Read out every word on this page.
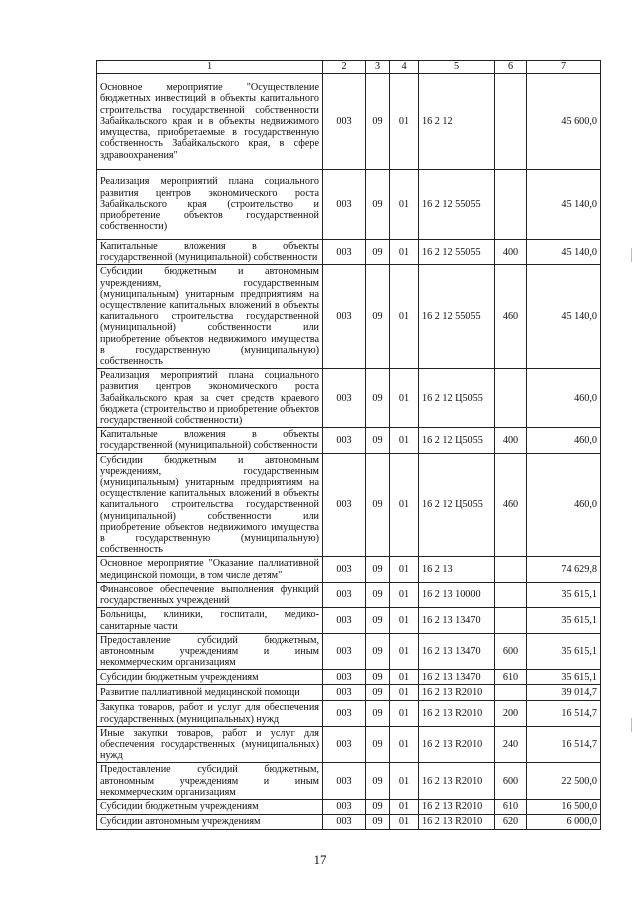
1	2	3	4	5	6	7
Основное мероприятие "Осуществление бюджетных инвестиций в объекты капитального строительства государственной собственности Забайкальского края и в объекты недвижимого имущества, приобретаемые в государственную собственность Забайкальского края, в сфере здравоохранения"	003	09	01	16 2 12		45 600,0
Реализация мероприятий плана социального развития центров экономического роста Забайкальского края (строительство и приобретение объектов государственной собственности)	003	09	01	16 2 12 55055		45 140,0
Капитальные вложения в объекты государственной (муниципальной) собственности	003	09	01	16 2 12 55055	400	45 140,0
Субсидии бюджетным и автономным учреждениям, государственным (муниципальным) унитарным предприятиям на осуществление капитальных вложений в объекты капитального строительства государственной (муниципальной) собственности или приобретение объектов недвижимого имущества в государственную (муниципальную) собственность	003	09	01	16 2 12 55055	460	45 140,0
Реализация мероприятий плана социального развития центров экономического роста Забайкальского края за счет средств краевого бюджета (строительство и приобретение объектов государственной собственности)	003	09	01	16 2 12 Ц5055		460,0
Капитальные вложения в объекты государственной (муниципальной) собственности	003	09	01	16 2 12 Ц5055	400	460,0
Субсидии бюджетным и автономным учреждениям, государственным (муниципальным) унитарным предприятиям на осуществление капитальных вложений в объекты капитального строительства государственной (муниципальной) собственности или приобретение объектов недвижимого имущества в государственную (муниципальную) собственность	003	09	01	16 2 12 Ц5055	460	460,0
Основное мероприятие "Оказание паллиативной медицинской помощи, в том числе детям"	003	09	01	16 2 13		74 629,8
Финансовое обеспечение выполнения функций государственных учреждений	003	09	01	16 2 13 10000		35 615,1
Больницы, клиники, госпитали, медико-санитарные части	003	09	01	16 2 13 13470		35 615,1
Предоставление субсидий бюджетным, автономным учреждениям и иным некоммерческим организациям	003	09	01	16 2 13 13470	600	35 615,1
Субсидии бюджетным учреждениям	003	09	01	16 2 13 13470	610	35 615,1
Развитие паллиативной медицинской помощи	003	09	01	16 2 13 R2010		39 014,7
Закупка товаров, работ и услуг для обеспечения государственных (муниципальных) нужд	003	09	01	16 2 13 R2010	200	16 514,7
Иные закупки товаров, работ и услуг для обеспечения государственных (муниципальных) нужд	003	09	01	16 2 13 R2010	240	16 514,7
Предоставление субсидий бюджетным, автономным учреждениям и иным некоммерческим организациям	003	09	01	16 2 13 R2010	600	22 500,0
Субсидии бюджетным учреждениям	003	09	01	16 2 13 R2010	610	16 500,0
Субсидии автономным учреждениям	003	09	01	16 2 13 R2010	620	6 000,0
17
